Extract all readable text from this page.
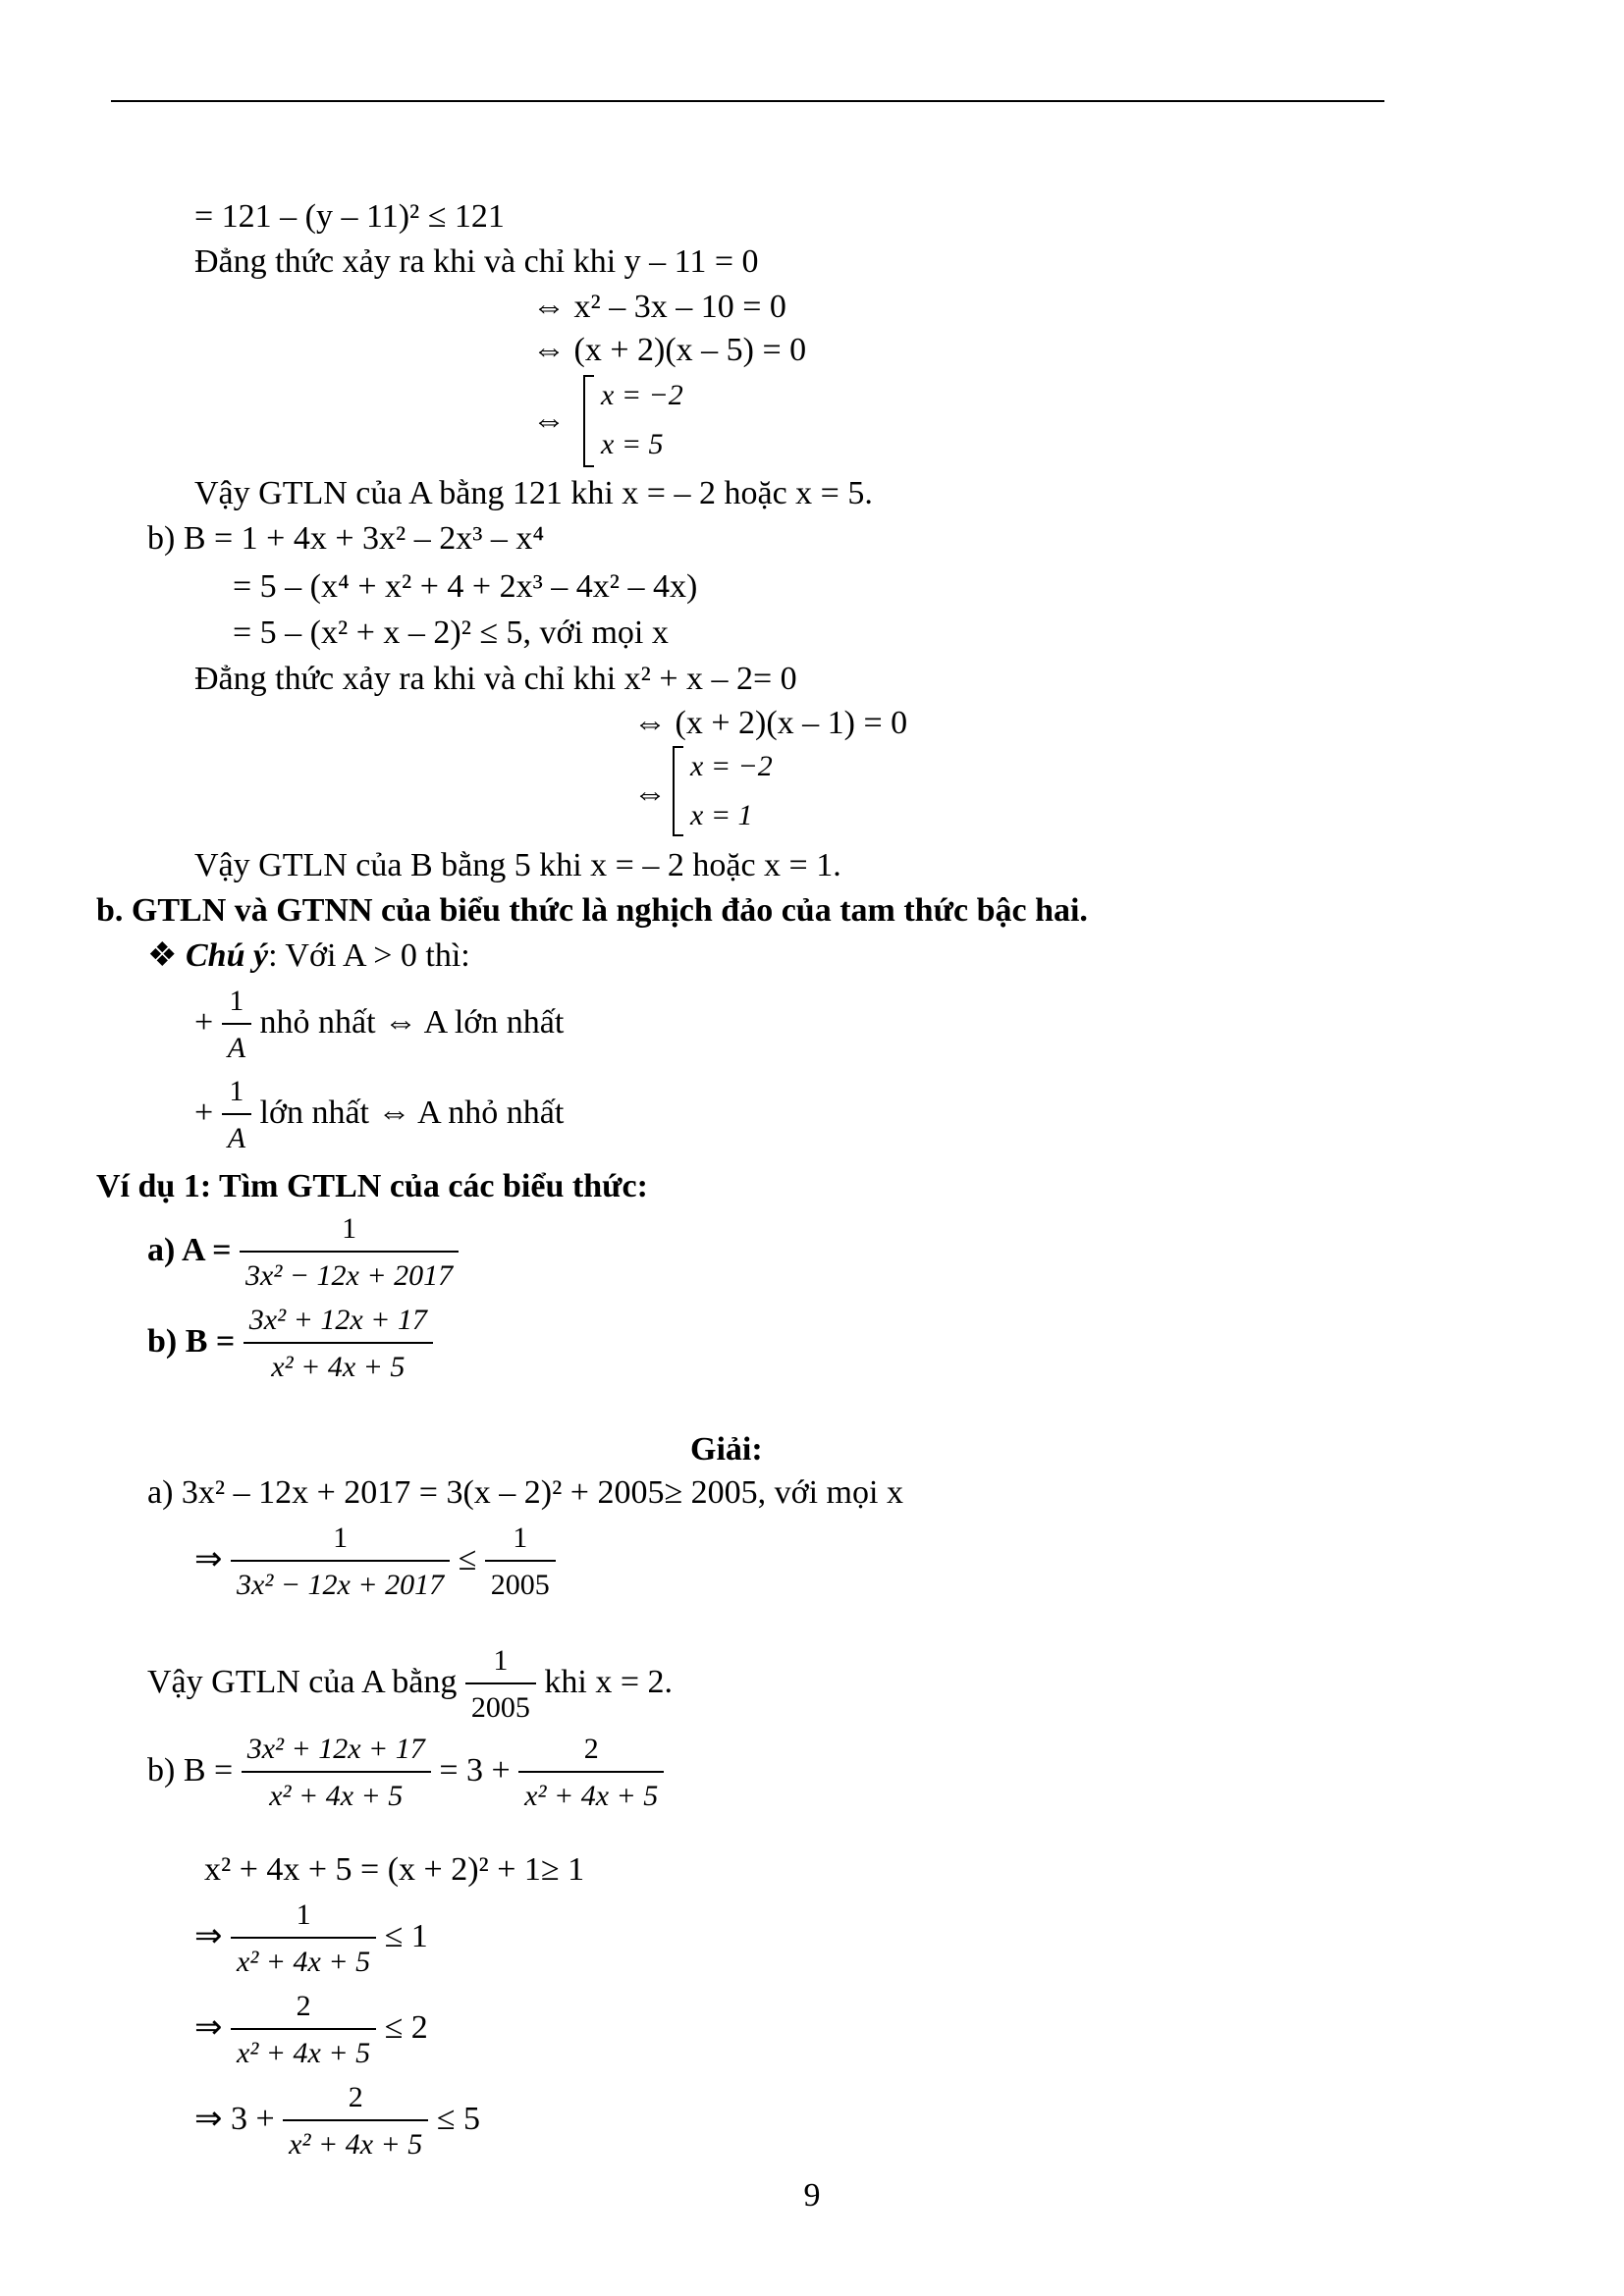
= 121 – (y – 11)² ≤ 121
Đẳng thức xảy ra khi và chỉ khi y – 11 = 0
⇔ x² – 3x – 10 = 0
⇔ (x + 2)(x – 5) = 0
⇔
x = −2
x = 5
Vậy GTLN của A bằng 121 khi x = – 2 hoặc x = 5.
b) B = 1 + 4x + 3x² – 2x³ – x⁴
= 5 – (x⁴ + x² + 4 + 2x³ – 4x² – 4x)
= 5 – (x² + x – 2)² ≤ 5, với mọi x
Đẳng thức xảy ra khi và chỉ khi x² + x – 2= 0
⇔ (x + 2)(x – 1) = 0
⇔
x = −2
x = 1
Vậy GTLN của B bằng 5 khi x = – 2 hoặc x = 1.
b. GTLN và GTNN của biểu thức là nghịch đảo của tam thức bậc hai.
❖ Chú ý: Với A > 0 thì:
+ $\frac{1}{A}$ nhỏ nhất ⇔ A lớn nhất
+ $\frac{1}{A}$ lớn nhất ⇔ A nhỏ nhất
Ví dụ 1: Tìm GTLN của các biểu thức:
a) $A = \frac{1}{\text{3x² − 12x + 2017}}$
b) $B = \frac{\text{3x² + 12x + 17}}{\text{x² + 4x + 5}}$
Giải:
a) 3x² – 12x + 2017 = 3(x – 2)² + 2005≥ 2005, với mọi x
⇒ $\frac{1}{\text{3x² − 12x + 2017}} \le \frac{1}{2005}$
Vậy GTLN của A bằng $\frac{1}{2005}$ khi x = 2.
b) $B = \frac{\text{3x² + 12x + 17}}{\text{x² + 4x + 5}} = 3 + \frac{2}{\text{x² + 4x + 5}}$
x² + 4x + 5 = (x + 2)² + 1≥ 1
⇒ $\frac{1}{\text{x² + 4x + 5}} \le 1$
⇒ $\frac{2}{\text{x² + 4x + 5}} \le 2$
⇒ $3 + \frac{2}{\text{x² + 4x + 5}} \le 5$
9
